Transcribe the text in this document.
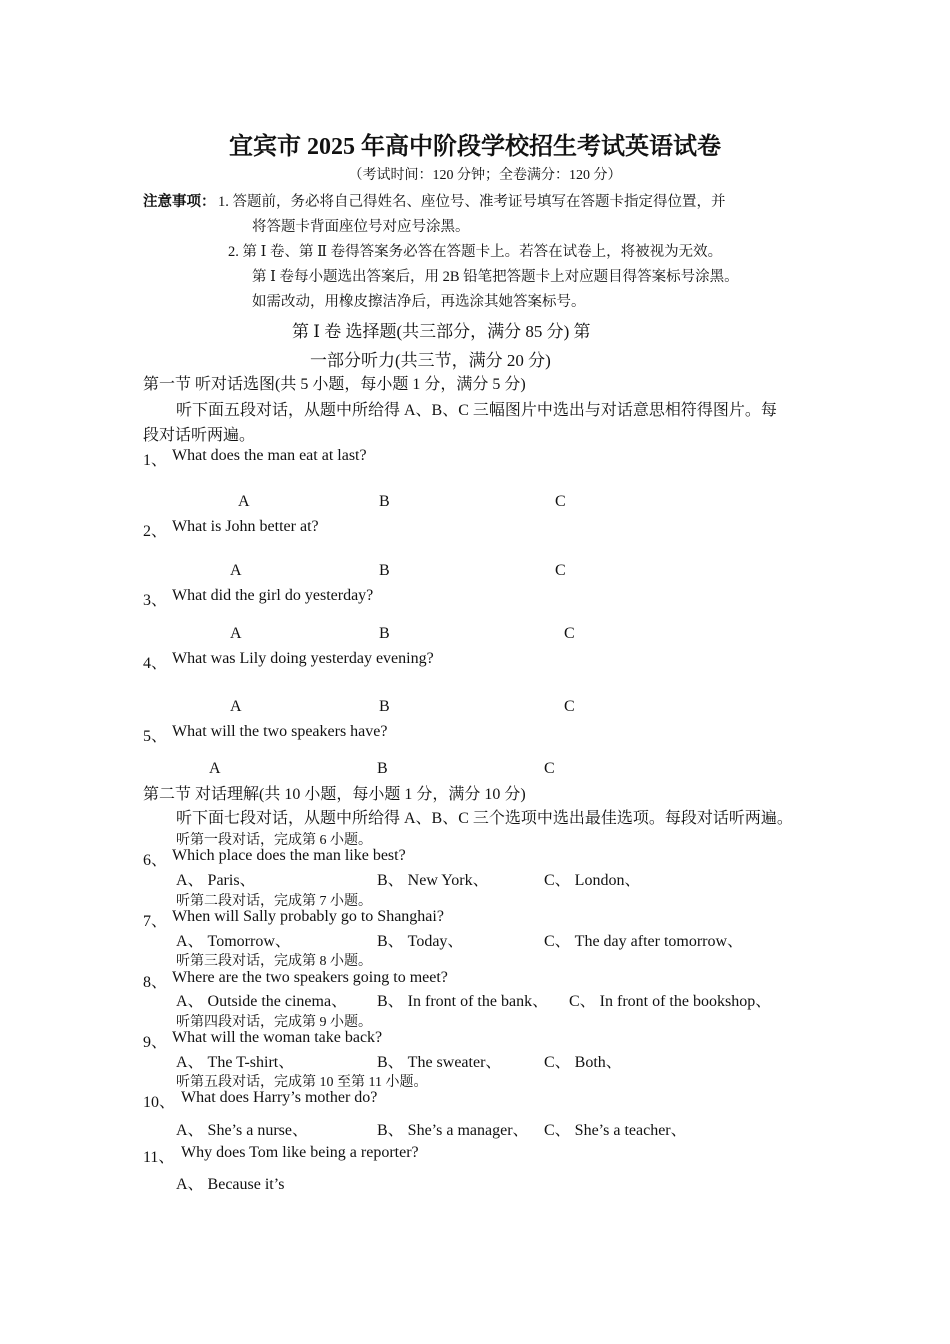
宜宾市 2025 年高中阶段学校招生考试英语试卷
（考试时间：120 分钟；全卷满分：120 分）
注意事项： 1. 答题前，务必将自己得姓名、座位号、准考证号填写在答题卡指定得位置，并
将答题卡背面座位号对应号涂黑。
2. 第 Ⅰ 卷、第 Ⅱ 卷得答案务必答在答题卡上。若答在试卷上，将被视为无效。
第 Ⅰ 卷每小题选出答案后，用 2B 铅笔把答题卡上对应题目得答案标号涂黑。
如需改动，用橡皮擦洁净后，再选涂其她答案标号。
第 Ⅰ 卷 选择题(共三部分，满分 85 分) 第
一部分听力(共三节，满分 20 分)
第一节 听对话选图(共 5 小题，每小题 1 分，满分 5 分)
听下面五段对话，从题中所给得 A、B、C 三幅图片中选出与对话意思相符得图片。每
段对话听两遍。
1、 What does the man eat at last?
A	B	C
2、 What is John better at?
A	B	C
3、 What did the girl do yesterday?
A	B	C
4、 What was Lily doing yesterday evening?
A	B	C
5、 What will the two speakers have?
A	B	C
第二节 对话理解(共 10 小题，每小题 1 分，满分 10 分)
听下面七段对话，从题中所给得 A、B、C 三个选项中选出最佳选项。每段对话听两遍。
听第一段对话，完成第 6 小题。
6、 Which place does the man like best?
A、 Paris、	B、 New York、	C、 London、
听第二段对话，完成第 7 小题。
7、 When will Sally probably go to Shanghai?
A、 Tomorrow、	B、 Today、	C、 The day after tomorrow、
听第三段对话，完成第 8 小题。
8、 Where are the two speakers going to meet?
A、 Outside the cinema、 B、 In front of the bank、 C、 In front of the bookshop、
听第四段对话，完成第 9 小题。
9、 What will the woman take back?
A、 The T-shirt、	B、 The sweater、	C、 Both、
听第五段对话，完成第 10 至第 11 小题。
10、 What does Harry’s mother do?
A、 She’s a nurse、	B、 She’s a manager、 C、 She’s a teacher、
11、 Why does Tom like being a reporter?
A、 Because it’s
